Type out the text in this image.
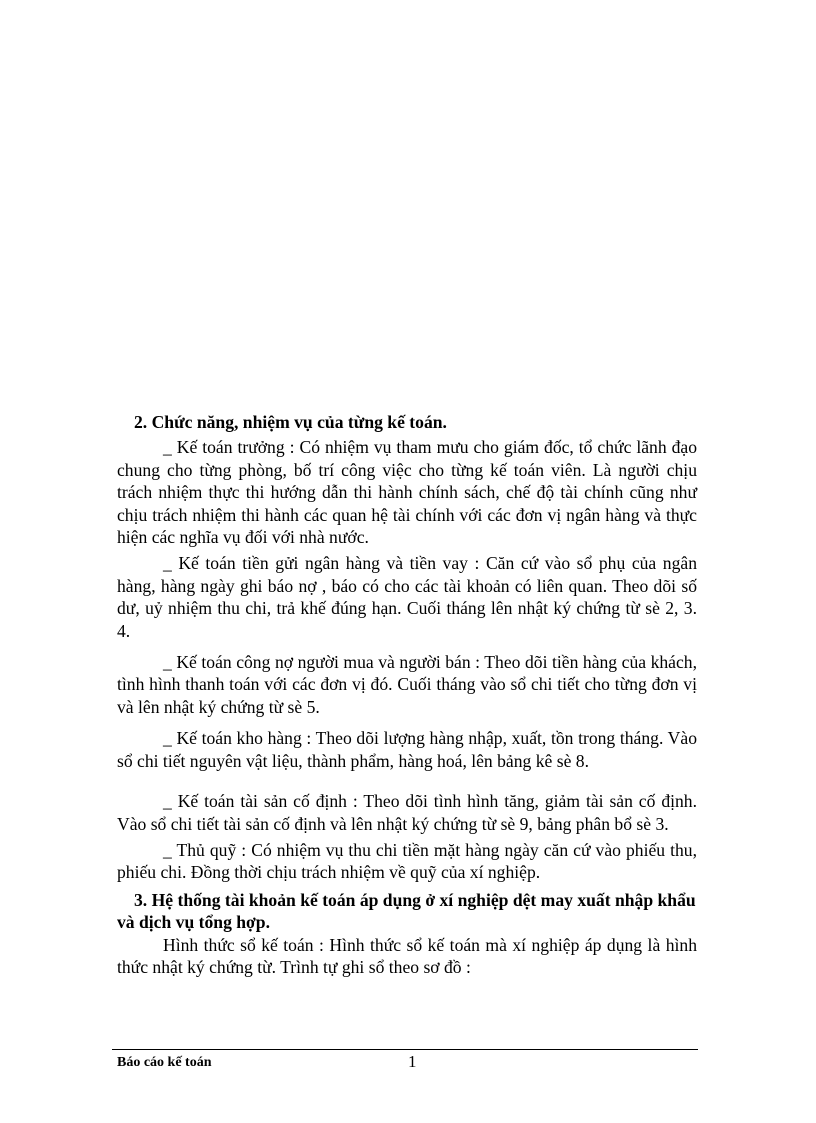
2. Chức năng, nhiệm vụ của từng kế toán.

_ Kế toán trưởng : Có nhiệm vụ tham mưu cho giám đốc, tổ chức lãnh đạo chung cho từng phòng, bố trí công việc cho từng kế toán viên. Là người chịu trách nhiệm thực thi hướng dẫn thi hành chính sách, chế độ tài chính cũng như chịu trách nhiệm thi hành các quan hệ tài chính với các đơn vị ngân hàng và thực hiện các nghĩa vụ đối với nhà nước.

_ Kế toán tiền gửi ngân hàng và tiền vay : Căn cứ vào sổ phụ của ngân hàng, hàng ngày ghi báo nợ , báo có cho các tài khoản có liên quan. Theo dõi số dư, uỷ nhiệm thu chi, trả khế đúng hạn. Cuối tháng lên nhật ký chứng từ sè 2, 3. 4.

_ Kế toán công nợ người mua và người bán : Theo dõi tiền hàng của khách, tình hình thanh toán với các đơn vị đó. Cuối tháng vào sổ chi tiết cho từng đơn vị và lên nhật ký chứng từ sè 5.

_ Kế toán kho hàng : Theo dõi lượng hàng nhập, xuất, tồn trong tháng. Vào sổ chi tiết nguyên vật liệu, thành phẩm, hàng hoá, lên bảng kê sè 8.

_ Kế toán tài sản cố định : Theo dõi tình hình tăng, giảm tài sản cố định. Vào sổ chi tiết tài sản cố định và lên nhật ký chứng từ sè 9, bảng phân bổ sè 3.

_ Thủ quỹ : Có nhiệm vụ thu chi tiền mặt hàng ngày căn cứ vào phiếu thu, phiếu chi. Đồng thời chịu trách nhiệm về quỹ của xí nghiệp.

3. Hệ thống tài khoản kế toán áp dụng ở xí nghiệp dệt may xuất nhập khẩu và dịch vụ tổng hợp.

Hình thức sổ kế toán : Hình thức sổ kế toán mà xí nghiệp áp dụng là hình thức nhật ký chứng từ. Trình tự ghi sổ theo sơ đồ :

Báo cáo kế toán	1
